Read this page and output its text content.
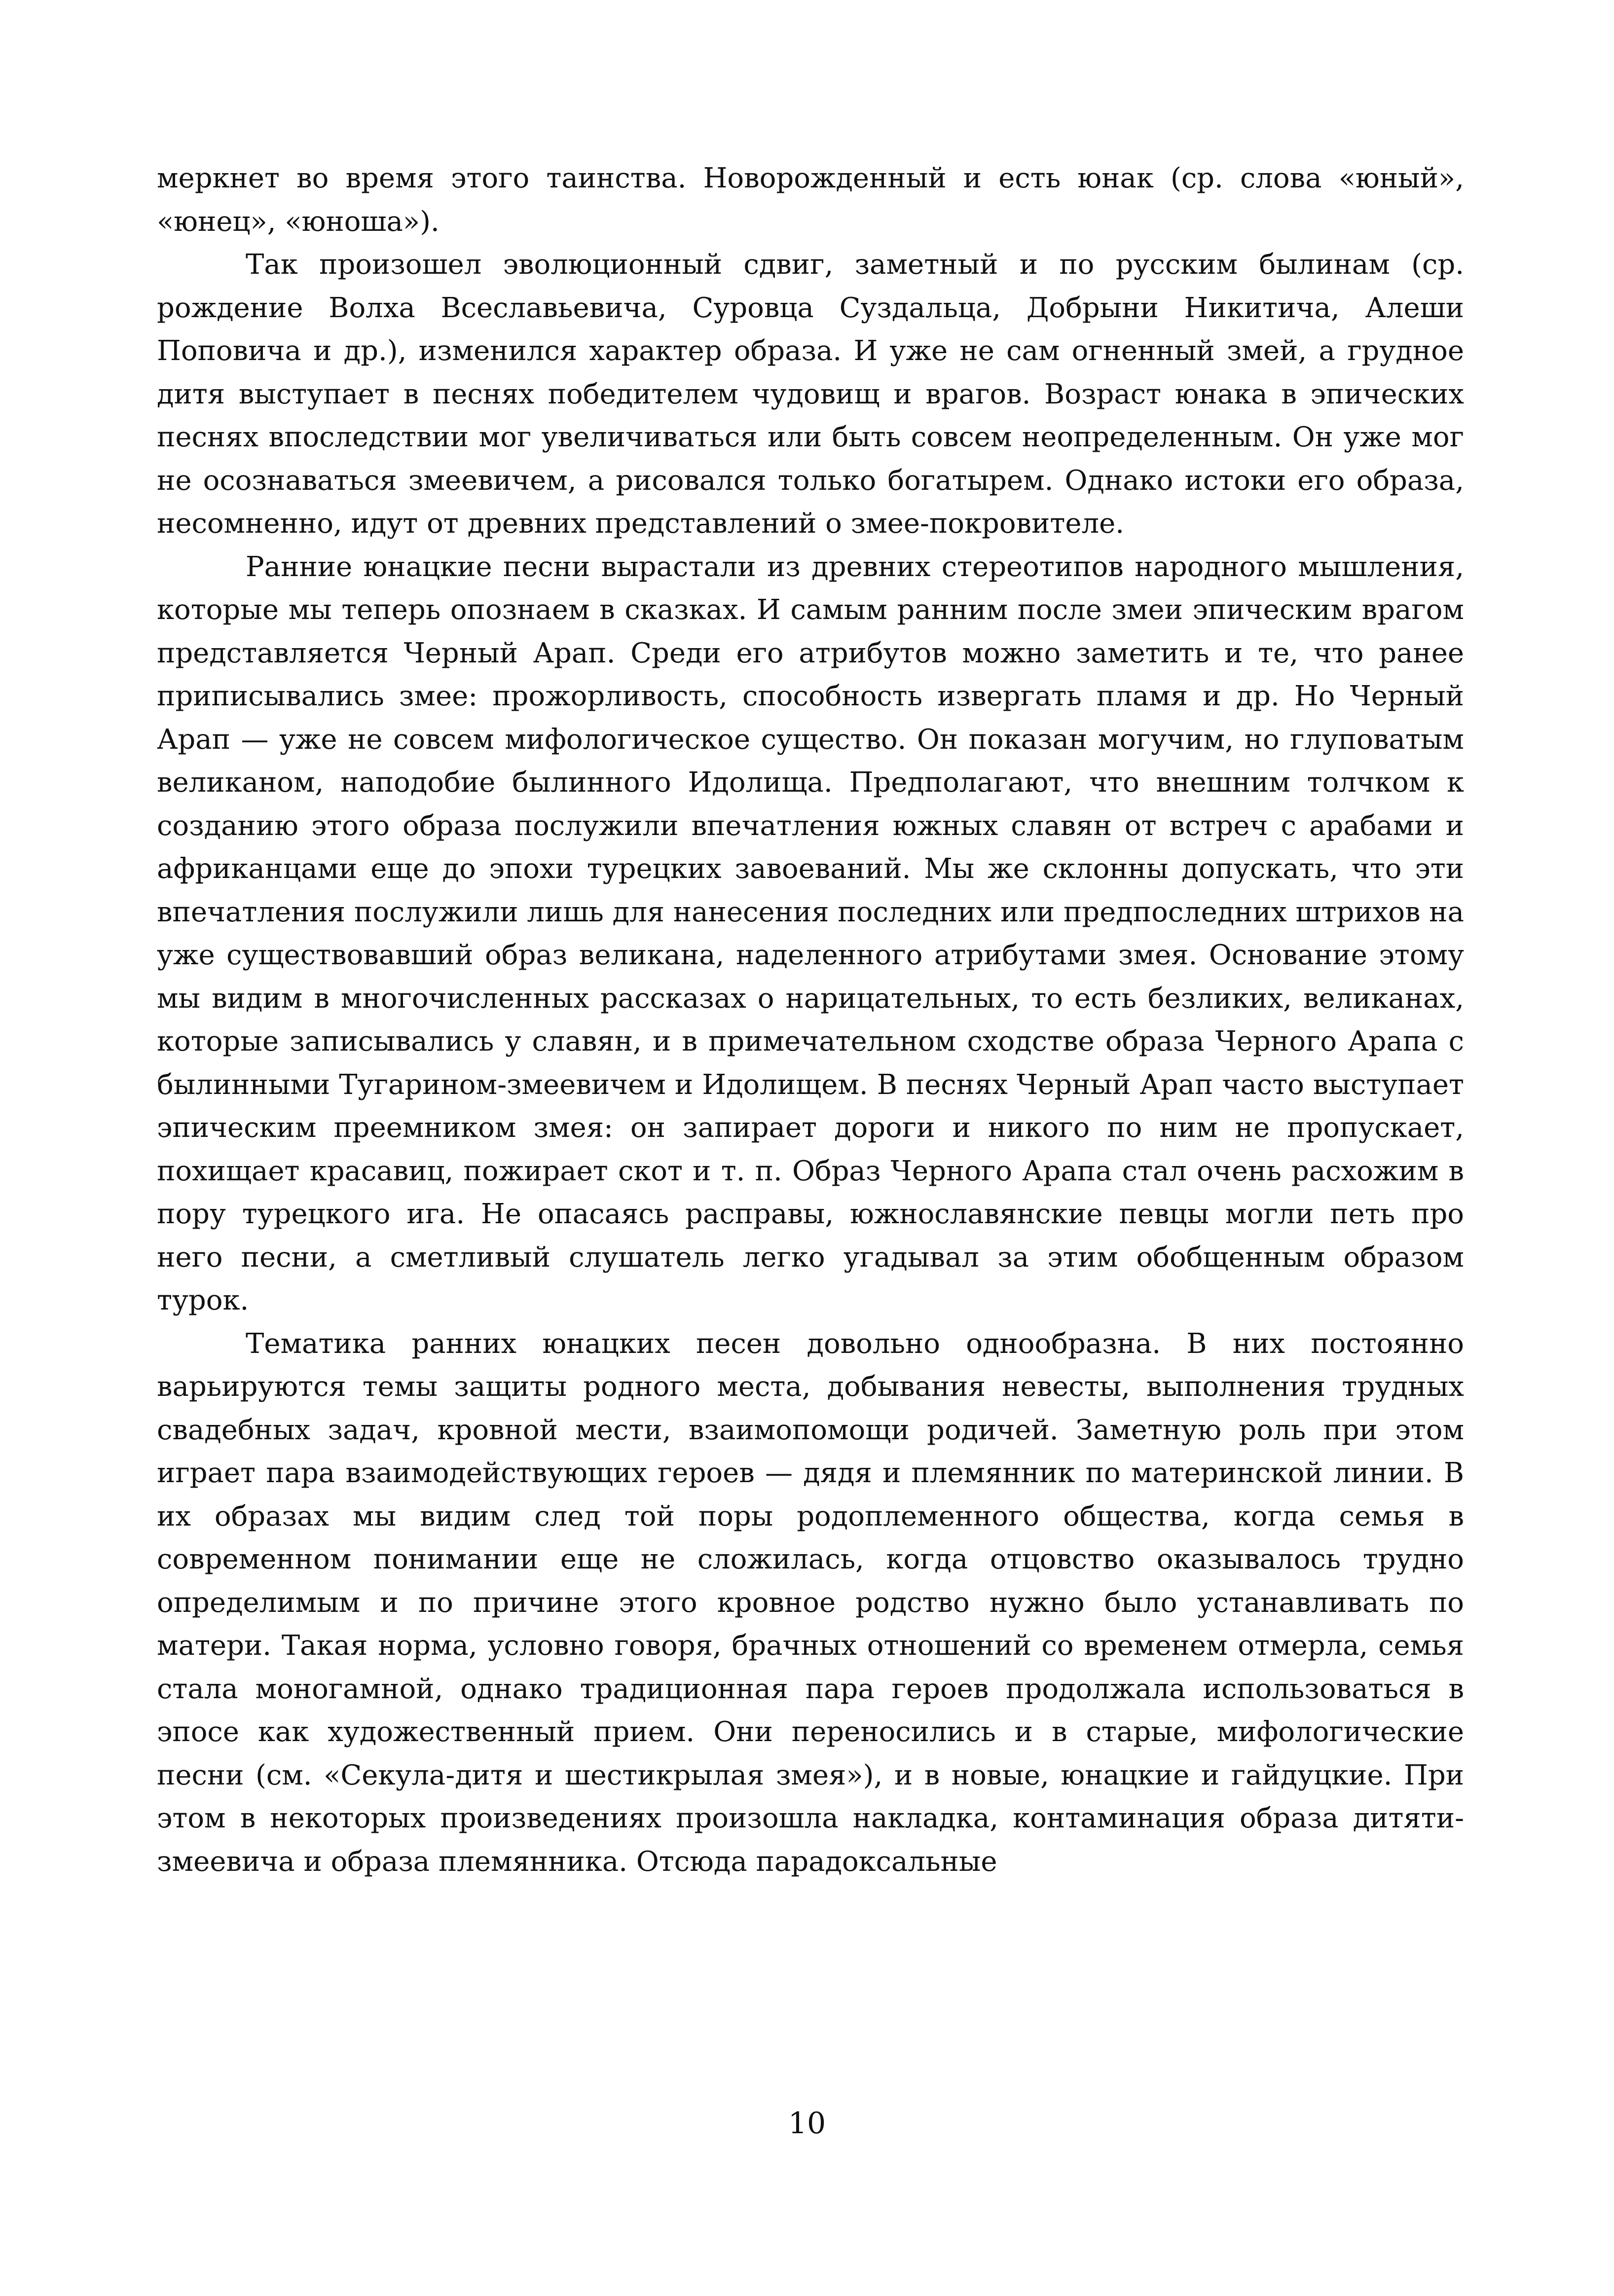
меркнет во время этого таинства. Новорожденный и есть юнак (ср. слова «юный», «юнец», «юноша»).

Так произошел эволюционный сдвиг, заметный и по русским былинам (ср. рождение Волха Всеславьевича, Суровца Суздальца, Добрыни Никитича, Алеши Поповича и др.), изменился характер образа. И уже не сам огненный змей, а грудное дитя выступает в песнях победителем чудовищ и врагов. Возраст юнака в эпических песнях впоследствии мог увеличиваться или быть совсем неопределенным. Он уже мог не осознаваться змеевичем, а рисовался только богатырем. Однако истоки его образа, несомненно, идут от древних представлений о змее-покровителе.

Ранние юнацкие песни вырастали из древних стереотипов народного мышления, которые мы теперь опознаем в сказках. И самым ранним после змеи эпическим врагом представляется Черный Арап. Среди его атрибутов можно заметить и те, что ранее приписывались змее: прожорливость, способность извергать пламя и др. Но Черный Арап — уже не совсем мифологическое существо. Он показан могучим, но глуповатым великаном, наподобие былинного Идолища. Предполагают, что внешним толчком к созданию этого образа послужили впечатления южных славян от встреч с арабами и африканцами еще до эпохи турецких завоеваний. Мы же склонны допускать, что эти впечатления послужили лишь для нанесения последних или предпоследних штрихов на уже существовавший образ великана, наделенного атрибутами змея. Основание этому мы видим в многочисленных рассказах о нарицательных, то есть безликих, великанах, которые записывались у славян, и в примечательном сходстве образа Черного Арапа с былинными Тугарином-змеевичем и Идолищем. В песнях Черный Арап часто выступает эпическим преемником змея: он запирает дороги и никого по ним не пропускает, похищает красавиц, пожирает скот и т. п. Образ Черного Арапа стал очень расхожим в пору турецкого ига. Не опасаясь расправы, южнославянские певцы могли петь про него песни, а сметливый слушатель легко угадывал за этим обобщенным образом турок.

Тематика ранних юнацких песен довольно однообразна. В них постоянно варьируются темы защиты родного места, добывания невесты, выполнения трудных свадебных задач, кровной мести, взаимопомощи родичей. Заметную роль при этом играет пара взаимодействующих героев — дядя и племянник по материнской линии. В их образах мы видим след той поры родоплеменного общества, когда семья в современном понимании еще не сложилась, когда отцовство оказывалось трудно определимым и по причине этого кровное родство нужно было устанавливать по матери. Такая норма, условно говоря, брачных отношений со временем отмерла, семья стала моногамной, однако традиционная пара героев продолжала использоваться в эпосе как художественный прием. Они переносились и в старые, мифологические песни (см. «Секула-дитя и шестикрылая змея»), и в новые, юнацкие и гайдуцкие. При этом в некоторых произведениях произошла накладка, контаминация образа дитяти-змеевича и образа племянника. Отсюда парадоксальные

10
